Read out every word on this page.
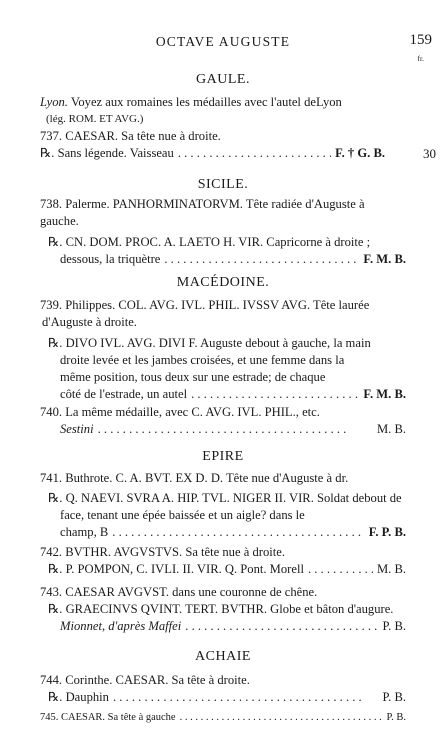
OCTAVE AUGUSTE	159
fr.
GAULE.
Lyon. Voyez aux romaines les médailles avec l'autel deLyon
(lég. ROM. ET AVG.)
737. CAESAR. Sa tête nue à droite.
℞. Sans légende. Vaisseau . . .	F. † G. B.	30
SICILE.
738. Palerme. PANHORMINATORVM. Tête radiée d'Auguste à
gauche.
℞. CN. DOM. PROC. A. LAETO H. VIR. Capricorne à droite ;
dessous, la triquètre . . .	F. M. B.
MACÉDOINE.
739. Philippes. COL. AVG. IVL. PHIL. IVSSV AVG. Tête laurée
d'Auguste à droite.
℞. DIVO IVL. AVG. DIVI F. Auguste debout à gauche, la main
droite levée et les jambes croisées, et une femme dans la
même position, tous deux sur une estrade; de chaque
côté de l'estrade, un autel . . .	F. M. B.
740. La même médaille, avec C. AVG. IVL. PHIL., etc.
Sestini . . .	M. B.
EPIRE
741. Buthrote. C. A. BVT. EX D. D. Tête nue d'Auguste à dr.
℞. Q. NAEVI. SVRA A. HIP. TVL. NIGER II. VIR. Soldat debout de
face, tenant une épée baissée et un aigle? dans le
champ, B . . .	F. P. B.
742. BVTHR. AVGVSTVS. Sa tête nue à droite.
℞. P. POMPON, C. IVLI. II. VIR. Q. Pont. Morell . . .	M. B.
743. CAESAR AVGVST. dans une couronne de chêne.
℞. GRAECINVS QVINT. TERT. BVTHR. Globe et bâton d'augure.
Mionnet, d'après Maffei . . .	P. B.
ACHAIE
744. Corinthe. CAESAR. Sa tête à droite.
℞. Dauphin . . .	P. B.
745. CAESAR. Sa tête à gauche . . .	P. B.
